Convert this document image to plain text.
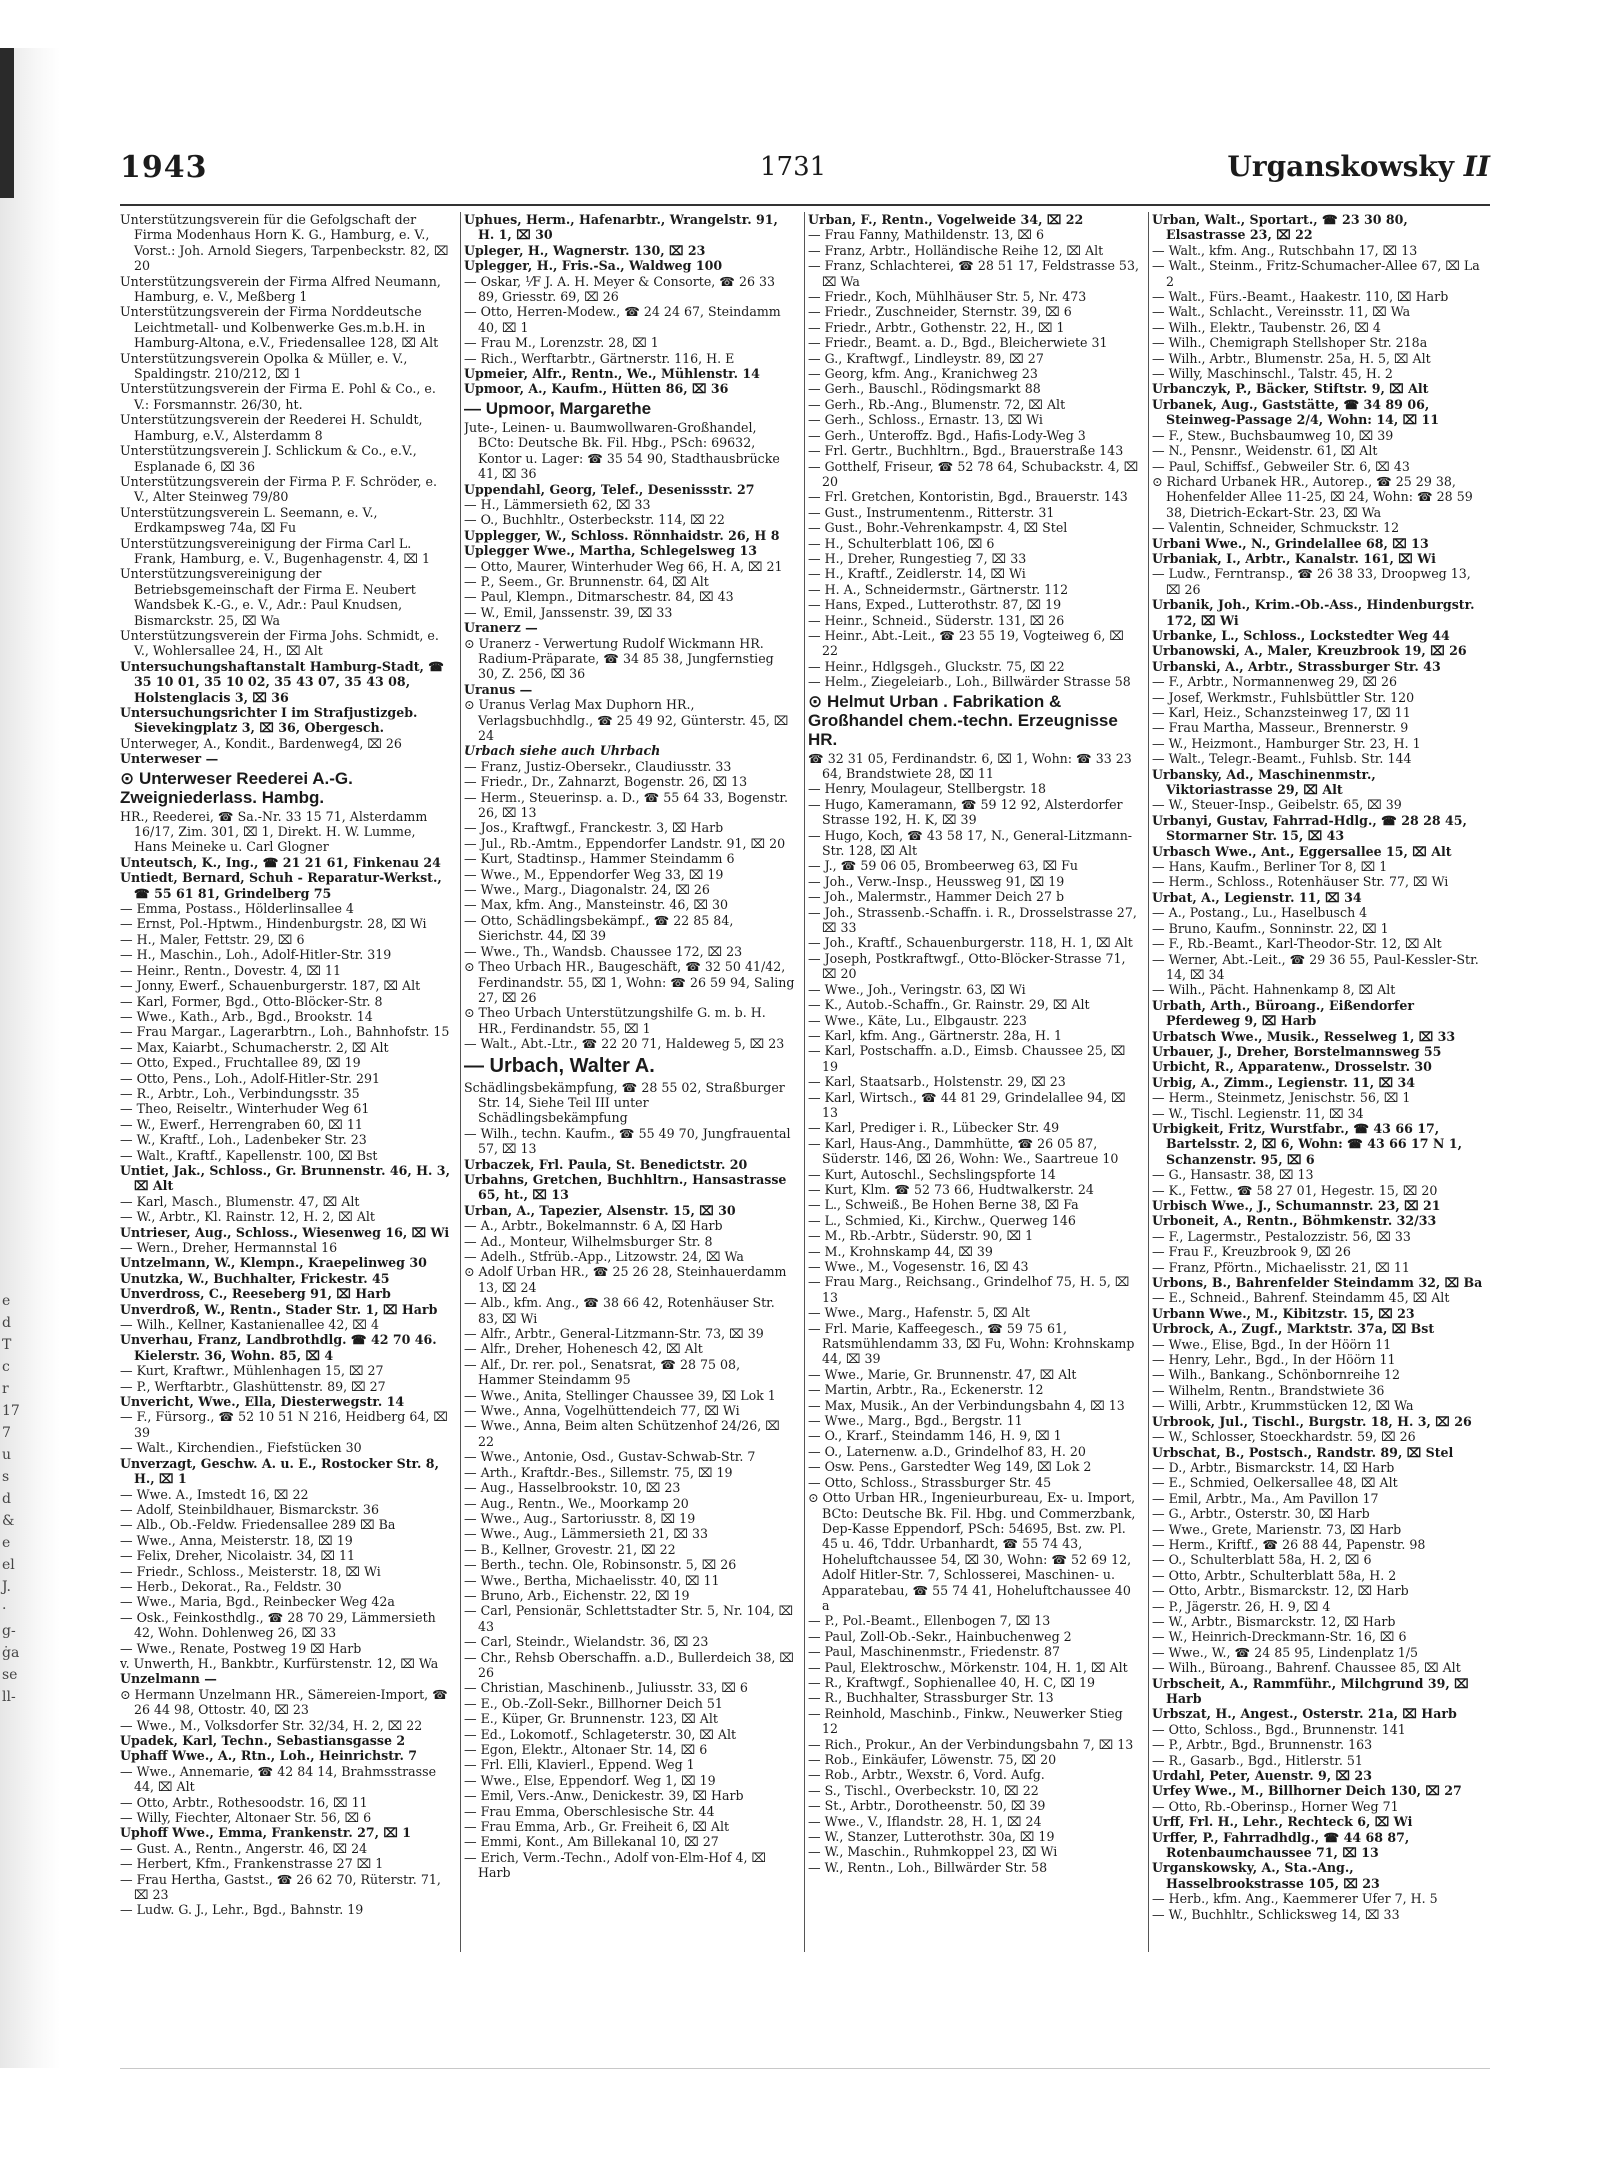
e
d
T
c
r
17
7
u
s
d
&
e
el
J.
·
g-
ġa
se
ll-
1943	1731	Urganskowsky II

Unterstützungsverein für die Gefolgschaft der Firma Modenhaus Horn K. G., Hamburg, e. V., Vorst.: Joh. Arnold Siegers, Tarpenbeckstr. 82, ⌧ 20

Unterstützungsverein der Firma Alfred Neumann, Hamburg, e. V., Meßberg 1

Unterstützungsverein der Firma Norddeutsche Leichtmetall- und Kolbenwerke Ges.m.b.H. in Hamburg-Altona, e.V., Friedensallee 128, ⌧ Alt

Unterstützungsverein Opolka & Müller, e. V., Spaldingstr. 210/212, ⌧ 1

Unterstützungsverein der Firma E. Pohl & Co., e. V.: Forsmannstr. 26/30, ht.

Unterstützungsverein der Reederei H. Schuldt, Hamburg, e.V., Alsterdamm 8

Unterstützungsverein J. Schlickum & Co., e.V., Esplanade 6, ⌧ 36

Unterstützungsverein der Firma P. F. Schröder, e. V., Alter Steinweg 79/80

Unterstützungsverein L. Seemann, e. V., Erdkampsweg 74a, ⌧ Fu

Unterstützungsvereinigung der Firma Carl L. Frank, Hamburg, e. V., Bugenhagenstr. 4, ⌧ 1

Unterstützungsvereinigung der Betriebsgemeinschaft der Firma E. Neubert Wandsbek K.-G., e. V., Adr.: Paul Knudsen, Bismarckstr. 25, ⌧ Wa

Unterstützungsverein der Firma Johs. Schmidt, e. V., Wohlersallee 24, H., ⌧ Alt

Untersuchungshaftanstalt Hamburg-Stadt, ☎ 35 10 01, 35 10 02, 35 43 07, 35 43 08, Holstenglacis 3, ⌧ 36

Untersuchungsrichter I im Strafjustizgeb. Sievekingplatz 3, ⌧ 36, Obergesch.

Unterweger, A., Kondit., Bardenweg4, ⌧ 26

Unterweser —

⊙ Unterweser Reederei A.-G. Zweigniederlass. Hambg.

HR., Reederei, ☎ Sa.-Nr. 33 15 71, Alsterdamm 16/17, Zim. 301, ⌧ 1, Direkt. H. W. Lumme, Hans Meineke u. Carl Glogner

Unteutsch, K., Ing., ☎ 21 21 61, Finkenau 24

Untiedt, Bernard, Schuh - Reparatur-Werkst., ☎ 55 61 81, Grindelberg 75

— Emma, Postass., Hölderlinsallee 4

— Ernst, Pol.-Hptwm., Hindenburgstr. 28, ⌧ Wi

— H., Maler, Fettstr. 29, ⌧ 6

— H., Maschin., Loh., Adolf-Hitler-Str. 319

— Heinr., Rentn., Dovestr. 4, ⌧ 11

— Jonny, Ewerf., Schauenburgerstr. 187, ⌧ Alt

— Karl, Former, Bgd., Otto-Blöcker-Str. 8

— Wwe., Kath., Arb., Bgd., Brookstr. 14

— Frau Margar., Lagerarbtrn., Loh., Bahnhofstr. 15

— Max, Kaiarbt., Schumacherstr. 2, ⌧ Alt

— Otto, Exped., Fruchtallee 89, ⌧ 19

— Otto, Pens., Loh., Adolf-Hitler-Str. 291

— R., Arbtr., Loh., Verbindungsstr. 35

— Theo, Reiseltr., Winterhuder Weg 61

— W., Ewerf., Herrengraben 60, ⌧ 11

— W., Kraftf., Loh., Ladenbeker Str. 23

— Walt., Kraftf., Kapellenstr. 100, ⌧ Bst

Untiet, Jak., Schloss., Gr. Brunnenstr. 46, H. 3, ⌧ Alt

— Karl, Masch., Blumenstr. 47, ⌧ Alt

— W., Arbtr., Kl. Rainstr. 12, H. 2, ⌧ Alt

Untrieser, Aug., Schloss., Wiesenweg 16, ⌧ Wi

— Wern., Dreher, Hermannstal 16

Untzelmann, W., Klempn., Kraepelinweg 30

Unutzka, W., Buchhalter, Frickestr. 45

Unverdross, C., Reeseberg 91, ⌧ Harb

Unverdroß, W., Rentn., Stader Str. 1, ⌧ Harb

— Wilh., Kellner, Kastanienallee 42, ⌧ 4

Unverhau, Franz, Landbrothdlg. ☎ 42 70 46. Kielerstr. 36, Wohn. 85, ⌧ 4

— Kurt, Kraftwr., Mühlenhagen 15, ⌧ 27

— P., Werftarbtr., Glashüttenstr. 89, ⌧ 27

Unvericht, Wwe., Ella, Diesterwegstr. 14

— F., Fürsorg., ☎ 52 10 51 N 216, Heidberg 64, ⌧ 39

— Walt., Kirchendien., Fiefstücken 30

Unverzagt, Geschw. A. u. E., Rostocker Str. 8, H., ⌧ 1

— Wwe. A., Imstedt 16, ⌧ 22

— Adolf, Steinbildhauer, Bismarckstr. 36

— Alb., Ob.-Feldw. Friedensallee 289 ⌧ Ba

— Wwe., Anna, Meisterstr. 18, ⌧ 19

— Felix, Dreher, Nicolaistr. 34, ⌧ 11

— Friedr., Schloss., Meisterstr. 18, ⌧ Wi

— Herb., Dekorat., Ra., Feldstr. 30

— Wwe., Maria, Bgd., Reinbecker Weg 42a

— Osk., Feinkosthdlg., ☎ 28 70 29, Lämmersieth 42, Wohn. Dohlenweg 26, ⌧ 33

— Wwe., Renate, Postweg 19 ⌧ Harb

v. Unwerth, H., Bankbtr., Kurfürstenstr. 12, ⌧ Wa

Unzelmann —

⊙ Hermann Unzelmann HR., Sämereien-Import, ☎ 26 44 98, Ottostr. 40, ⌧ 23

— Wwe., M., Volksdorfer Str. 32/34, H. 2, ⌧ 22

Upadek, Karl, Techn., Sebastiansgasse 2

Uphaff Wwe., A., Rtn., Loh., Heinrichstr. 7

— Wwe., Annemarie, ☎ 42 84 14, Brahmsstrasse 44, ⌧ Alt

— Otto, Arbtr., Rothesoodstr. 16, ⌧ 11

— Willy, Fiechter, Altonaer Str. 56, ⌧ 6

Uphoff Wwe., Emma, Frankenstr. 27, ⌧ 1

— Gust. A., Rentn., Angerstr. 46, ⌧ 24

— Herbert, Kfm., Frankenstrasse 27 ⌧ 1

— Frau Hertha, Gastst., ☎ 26 62 70, Rüterstr. 71, ⌧ 23

— Ludw. G. J., Lehr., Bgd., Bahnstr. 19

Uphues, Herm., Hafenarbtr., Wrangelstr. 91, H. 1, ⌧ 30

Upleger, H., Wagnerstr. 130, ⌧ 23

Uplegger, H., Fris.-Sa., Waldweg 100

— Oskar, ⅟F J. A. H. Meyer & Consorte, ☎ 26 33 89, Griesstr. 69, ⌧ 26

— Otto, Herren-Modew., ☎ 24 24 67, Steindamm 40, ⌧ 1

— Frau M., Lorenzstr. 28, ⌧ 1

— Rich., Werftarbtr., Gärtnerstr. 116, H. E

Upmeier, Alfr., Rentn., We., Mühlenstr. 14

Upmoor, A., Kaufm., Hütten 86, ⌧ 36

— Upmoor, Margarethe

Jute-, Leinen- u. Baumwollwaren-Großhandel, BCto: Deutsche Bk. Fil. Hbg., PSch: 69632, Kontor u. Lager: ☎ 35 54 90, Stadthausbrücke 41, ⌧ 36

Uppendahl, Georg, Telef., Desenissstr. 27

— H., Lämmersieth 62, ⌧ 33

— O., Buchhltr., Osterbeckstr. 114, ⌧ 22

Upplegger, W., Schloss. Rönnhaidstr. 26, H 8

Uplegger Wwe., Martha, Schlegelsweg 13

— Otto, Maurer, Winterhuder Weg 66, H. A, ⌧ 21

— P., Seem., Gr. Brunnenstr. 64, ⌧ Alt

— Paul, Klempn., Ditmarschestr. 84, ⌧ 43

— W., Emil, Janssenstr. 39, ⌧ 33

Uranerz —

⊙ Uranerz - Verwertung Rudolf Wickmann HR. Radium-Präparate, ☎ 34 85 38, Jungfernstieg 30, Z. 256, ⌧ 36

Uranus —

⊙ Uranus Verlag Max Duphorn HR., Verlagsbuchhdlg., ☎ 25 49 92, Günterstr. 45, ⌧ 24

Urbach siehe auch Uhrbach

— Franz, Justiz-Obersekr., Claudiusstr. 33

— Friedr., Dr., Zahnarzt, Bogenstr. 26, ⌧ 13

— Herm., Steuerinsp. a. D., ☎ 55 64 33, Bogenstr. 26, ⌧ 13

— Jos., Kraftwgf., Franckestr. 3, ⌧ Harb

— Jul., Rb.-Amtm., Eppendorfer Landstr. 91, ⌧ 20

— Kurt, Stadtinsp., Hammer Steindamm 6

— Wwe., M., Eppendorfer Weg 33, ⌧ 19

— Wwe., Marg., Diagonalstr. 24, ⌧ 26

— Max, kfm. Ang., Mansteinstr. 46, ⌧ 30

— Otto, Schädlingsbekämpf., ☎ 22 85 84, Sierichstr. 44, ⌧ 39

— Wwe., Th., Wandsb. Chaussee 172, ⌧ 23

⊙ Theo Urbach HR., Baugeschäft, ☎ 32 50 41/42, Ferdinandstr. 55, ⌧ 1, Wohn: ☎ 26 59 94, Saling 27, ⌧ 26

⊙ Theo Urbach Unterstützungshilfe G. m. b. H. HR., Ferdinandstr. 55, ⌧ 1

— Walt., Abt.-Ltr., ☎ 22 20 71, Haldeweg 5, ⌧ 23

— Urbach, Walter A.

Schädlingsbekämpfung, ☎ 28 55 02, Straßburger Str. 14, Siehe Teil III unter Schädlingsbekämpfung

— Wilh., techn. Kaufm., ☎ 55 49 70, Jungfrauental 57, ⌧ 13

Urbaczek, Frl. Paula, St. Benedictstr. 20

Urbahns, Gretchen, Buchhltrn., Hansastrasse 65, ht., ⌧ 13

Urban, A., Tapezier, Alsenstr. 15, ⌧ 30

— A., Arbtr., Bokelmannstr. 6 A, ⌧ Harb

— Ad., Monteur, Wilhelmsburger Str. 8

— Adelh., Stfrüb.-App., Litzowstr. 24, ⌧ Wa

⊙ Adolf Urban HR., ☎ 25 26 28, Steinhauerdamm 13, ⌧ 24

— Alb., kfm. Ang., ☎ 38 66 42, Rotenhäuser Str. 83, ⌧ Wi

— Alfr., Arbtr., General-Litzmann-Str. 73, ⌧ 39

— Alfr., Dreher, Hohenesch 42, ⌧ Alt

— Alf., Dr. rer. pol., Senatsrat, ☎ 28 75 08, Hammer Steindamm 95

— Wwe., Anita, Stellinger Chaussee 39, ⌧ Lok 1

— Wwe., Anna, Vogelhüttendeich 77, ⌧ Wi

— Wwe., Anna, Beim alten Schützenhof 24/26, ⌧ 22

— Wwe., Antonie, Osd., Gustav-Schwab-Str. 7

— Arth., Kraftdr.-Bes., Sillemstr. 75, ⌧ 19

— Aug., Hasselbrookstr. 10, ⌧ 23

— Aug., Rentn., We., Moorkamp 20

— Wwe., Aug., Sartoriusstr. 8, ⌧ 19

— Wwe., Aug., Lämmersieth 21, ⌧ 33

— B., Kellner, Grovestr. 21, ⌧ 22

— Berth., techn. Ole, Robinsonstr. 5, ⌧ 26

— Wwe., Bertha, Michaelisstr. 40, ⌧ 11

— Bruno, Arb., Eichenstr. 22, ⌧ 19

— Carl, Pensionär, Schlettstadter Str. 5, Nr. 104, ⌧ 43

— Carl, Steindr., Wielandstr. 36, ⌧ 23

— Chr., Rehsb Oberschaffn. a.D., Bullerdeich 38, ⌧ 26

— Christian, Maschinenb., Juliusstr. 33, ⌧ 6

— E., Ob.-Zoll-Sekr., Billhorner Deich 51

— E., Küper, Gr. Brunnenstr. 123, ⌧ Alt

— Ed., Lokomotf., Schlageterstr. 30, ⌧ Alt

— Egon, Elektr., Altonaer Str. 14, ⌧ 6

— Frl. Elli, Klavierl., Eppend. Weg 1

— Wwe., Else, Eppendorf. Weg 1, ⌧ 19

— Emil, Vers.-Anw., Denickestr. 39, ⌧ Harb

— Frau Emma, Oberschlesische Str. 44

— Frau Emma, Arb., Gr. Freiheit 6, ⌧ Alt

— Emmi, Kont., Am Billekanal 10, ⌧ 27

— Erich, Verm.-Techn., Adolf von-Elm-Hof 4, ⌧ Harb

Urban, F., Rentn., Vogelweide 34, ⌧ 22

— Frau Fanny, Mathildenstr. 13, ⌧ 6

— Franz, Arbtr., Holländische Reihe 12, ⌧ Alt

— Franz, Schlachterei, ☎ 28 51 17, Feldstrasse 53, ⌧ Wa

— Friedr., Koch, Mühlhäuser Str. 5, Nr. 473

— Friedr., Zuschneider, Sternstr. 39, ⌧ 6

— Friedr., Arbtr., Gothenstr. 22, H., ⌧ 1

— Friedr., Beamt. a. D., Bgd., Bleicherwiete 31

— G., Kraftwgf., Lindleystr. 89, ⌧ 27

— Georg, kfm. Ang., Kranichweg 23

— Gerh., Bauschl., Rödingsmarkt 88

— Gerh., Rb.-Ang., Blumenstr. 72, ⌧ Alt

— Gerh., Schloss., Ernastr. 13, ⌧ Wi

— Gerh., Unteroffz. Bgd., Hafis-Lody-Weg 3

— Frl. Gertr., Buchhltrn., Bgd., Brauerstraße 143

— Gotthelf, Friseur, ☎ 52 78 64, Schubackstr. 4, ⌧ 20

— Frl. Gretchen, Kontoristin, Bgd., Brauerstr. 143

— Gust., Instrumentenm., Ritterstr. 31

— Gust., Bohr.-Vehrenkampstr. 4, ⌧ Stel

— H., Schulterblatt 106, ⌧ 6

— H., Dreher, Rungestieg 7, ⌧ 33

— H., Kraftf., Zeidlerstr. 14, ⌧ Wi

— H. A., Schneidermstr., Gärtnerstr. 112

— Hans, Exped., Lutterothstr. 87, ⌧ 19

— Heinr., Schneid., Süderstr. 131, ⌧ 26

— Heinr., Abt.-Leit., ☎ 23 55 19, Vogteiweg 6, ⌧ 22

— Heinr., Hdlgsgeh., Gluckstr. 75, ⌧ 22

— Helm., Ziegeleiarb., Loh., Billwärder Strasse 58

⊙ Helmut Urban . Fabrikation & Großhandel chem.-techn. Erzeugnisse HR.

☎ 32 31 05, Ferdinandstr. 6, ⌧ 1, Wohn: ☎ 33 23 64, Brandstwiete 28, ⌧ 11

— Henry, Moulageur, Stellbergstr. 18

— Hugo, Kameramann, ☎ 59 12 92, Alsterdorfer Strasse 192, H. K, ⌧ 39

— Hugo, Koch, ☎ 43 58 17, N., General-Litzmann-Str. 128, ⌧ Alt

— J., ☎ 59 06 05, Brombeerweg 63, ⌧ Fu

— Joh., Verw.-Insp., Heussweg 91, ⌧ 19

— Joh., Malermstr., Hammer Deich 27 b

— Joh., Strassenb.-Schaffn. i. R., Drosselstrasse 27, ⌧ 33

— Joh., Kraftf., Schauenburgerstr. 118, H. 1, ⌧ Alt

— Joseph, Postkraftwgf., Otto-Blöcker-Strasse 71, ⌧ 20

— Wwe., Joh., Veringstr. 63, ⌧ Wi

— K., Autob.-Schaffn., Gr. Rainstr. 29, ⌧ Alt

— Wwe., Käte, Lu., Elbgaustr. 223

— Karl, kfm. Ang., Gärtnerstr. 28a, H. 1

— Karl, Postschaffn. a.D., Eimsb. Chaussee 25, ⌧ 19

— Karl, Staatsarb., Holstenstr. 29, ⌧ 23

— Karl, Wirtsch., ☎ 44 81 29, Grindelallee 94, ⌧ 13

— Karl, Prediger i. R., Lübecker Str. 49

— Karl, Haus-Ang., Dammhütte, ☎ 26 05 87, Süderstr. 146, ⌧ 26, Wohn: We., Saartreue 10

— Kurt, Autoschl., Sechslingspforte 14

— Kurt, Klm. ☎ 52 73 66, Hudtwalkerstr. 24

— L., Schweiß., Be Hohen Berne 38, ⌧ Fa

— L., Schmied, Ki., Kirchw., Querweg 146

— M., Rb.-Arbtr., Süderstr. 90, ⌧ 1

— M., Krohnskamp 44, ⌧ 39

— Wwe., M., Vogesenstr. 16, ⌧ 43

— Frau Marg., Reichsang., Grindelhof 75, H. 5, ⌧ 13

— Wwe., Marg., Hafenstr. 5, ⌧ Alt

— Frl. Marie, Kaffeegesch., ☎ 59 75 61, Ratsmühlendamm 33, ⌧ Fu, Wohn: Krohnskamp 44, ⌧ 39

— Wwe., Marie, Gr. Brunnenstr. 47, ⌧ Alt

— Martin, Arbtr., Ra., Eckenerstr. 12

— Max, Musik., An der Verbindungsbahn 4, ⌧ 13

— Wwe., Marg., Bgd., Bergstr. 11

— O., Krarf., Steindamm 146, H. 9, ⌧ 1

— O., Laternenw. a.D., Grindelhof 83, H. 20

— Osw. Pens., Garstedter Weg 149, ⌧ Lok 2

— Otto, Schloss., Strassburger Str. 45

⊙ Otto Urban HR., Ingenieurbureau, Ex- u. Import, BCto: Deutsche Bk. Fil. Hbg. und Commerzbank, Dep-Kasse Eppendorf, PSch: 54695, Bst. zw. Pl. 45 u. 46, Tddr. Urbanhardt, ☎ 55 74 43, Hoheluftchaussee 54, ⌧ 30, Wohn: ☎ 52 69 12, Adolf Hitler-Str. 7, Schlosserei, Maschinen- u. Apparatebau, ☎ 55 74 41, Hoheluftchaussee 40 a

— P., Pol.-Beamt., Ellenbogen 7, ⌧ 13

— Paul, Zoll-Ob.-Sekr., Hainbuchenweg 2

— Paul, Maschinenmstr., Friedenstr. 87

— Paul, Elektroschw., Mörkenstr. 104, H. 1, ⌧ Alt

— R., Kraftwgf., Sophienallee 40, H. C, ⌧ 19

— R., Buchhalter, Strassburger Str. 13

— Reinhold, Maschinb., Finkw., Neuwerker Stieg 12

— Rich., Prokur., An der Verbindungsbahn 7, ⌧ 13

— Rob., Einkäufer, Löwenstr. 75, ⌧ 20

— Rob., Arbtr., Wexstr. 6, Vord. Aufg.

— S., Tischl., Overbeckstr. 10, ⌧ 22

— St., Arbtr., Dorotheenstr. 50, ⌧ 39

— Wwe., V., Iflandstr. 28, H. 1, ⌧ 24

— W., Stanzer, Lutterothstr. 30a, ⌧ 19

— W., Maschin., Ruhmkoppel 23, ⌧ Wi

— W., Rentn., Loh., Billwärder Str. 58

Urban, Walt., Sportart., ☎ 23 30 80, Elsastrasse 23, ⌧ 22

— Walt., kfm. Ang., Rutschbahn 17, ⌧ 13

— Walt., Steinm., Fritz-Schumacher-Allee 67, ⌧ La 2

— Walt., Fürs.-Beamt., Haakestr. 110, ⌧ Harb

— Walt., Schlacht., Vereinsstr. 11, ⌧ Wa

— Wilh., Elektr., Taubenstr. 26, ⌧ 4

— Wilh., Chemigraph Stellshoper Str. 218a

— Wilh., Arbtr., Blumenstr. 25a, H. 5, ⌧ Alt

— Willy, Maschinschl., Talstr. 45, H. 2

Urbanczyk, P., Bäcker, Stiftstr. 9, ⌧ Alt

Urbanek, Aug., Gaststätte, ☎ 34 89 06, Steinweg-Passage 2/4, Wohn: 14, ⌧ 11

— F., Stew., Buchsbaumweg 10, ⌧ 39

— N., Pensnr., Weidenstr. 61, ⌧ Alt

— Paul, Schiffsf., Gebweiler Str. 6, ⌧ 43

⊙ Richard Urbanek HR., Autorep., ☎ 25 29 38, Hohenfelder Allee 11-25, ⌧ 24, Wohn: ☎ 28 59 38, Dietrich-Eckart-Str. 23, ⌧ Wa

— Valentin, Schneider, Schmuckstr. 12

Urbani Wwe., N., Grindelallee 68, ⌧ 13

Urbaniak, I., Arbtr., Kanalstr. 161, ⌧ Wi

— Ludw., Ferntransp., ☎ 26 38 33, Droopweg 13, ⌧ 26

Urbanik, Joh., Krim.-Ob.-Ass., Hindenburgstr. 172, ⌧ Wi

Urbanke, L., Schloss., Lockstedter Weg 44

Urbanowski, A., Maler, Kreuzbrook 19, ⌧ 26

Urbanski, A., Arbtr., Strassburger Str. 43

— F., Arbtr., Normannenweg 29, ⌧ 26

— Josef, Werkmstr., Fuhlsbüttler Str. 120

— Karl, Heiz., Schanzsteinweg 17, ⌧ 11

— Frau Martha, Masseur., Brennerstr. 9

— W., Heizmont., Hamburger Str. 23, H. 1

— Walt., Telegr.-Beamt., Fuhlsb. Str. 144

Urbansky, Ad., Maschinenmstr., Viktoriastrasse 29, ⌧ Alt

— W., Steuer-Insp., Geibelstr. 65, ⌧ 39

Urbanyi, Gustav, Fahrrad-Hdlg., ☎ 28 28 45, Stormarner Str. 15, ⌧ 43

Urbasch Wwe., Ant., Eggersallee 15, ⌧ Alt

— Hans, Kaufm., Berliner Tor 8, ⌧ 1

— Herm., Schloss., Rotenhäuser Str. 77, ⌧ Wi

Urbat, A., Legienstr. 11, ⌧ 34

— A., Postang., Lu., Haselbusch 4

— Bruno, Kaufm., Sonninstr. 22, ⌧ 1

— F., Rb.-Beamt., Karl-Theodor-Str. 12, ⌧ Alt

— Werner, Abt.-Leit., ☎ 29 36 55, Paul-Kessler-Str. 14, ⌧ 34

— Wilh., Pächt. Hahnenkamp 8, ⌧ Alt

Urbath, Arth., Büroang., Eißendorfer Pferdeweg 9, ⌧ Harb

Urbatsch Wwe., Musik., Resselweg 1, ⌧ 33

Urbauer, J., Dreher, Borstelmannsweg 55

Urbicht, R., Apparatenw., Drosselstr. 30

Urbig, A., Zimm., Legienstr. 11, ⌧ 34

— Herm., Steinmetz, Jenischstr. 56, ⌧ 1

— W., Tischl. Legienstr. 11, ⌧ 34

Urbigkeit, Fritz, Wurstfabr., ☎ 43 66 17, Bartelsstr. 2, ⌧ 6, Wohn: ☎ 43 66 17 N 1, Schanzenstr. 95, ⌧ 6

— G., Hansastr. 38, ⌧ 13

— K., Fettw., ☎ 58 27 01, Hegestr. 15, ⌧ 20

Urbisch Wwe., J., Schumannstr. 23, ⌧ 21

Urboneit, A., Rentn., Böhmkenstr. 32/33

— F., Lagermstr., Pestalozzistr. 56, ⌧ 33

— Frau F., Kreuzbrook 9, ⌧ 26

— Franz, Pförtn., Michaelisstr. 21, ⌧ 11

Urbons, B., Bahrenfelder Steindamm 32, ⌧ Ba

— E., Schneid., Bahrenf. Steindamm 45, ⌧ Alt

Urbann Wwe., M., Kibitzstr. 15, ⌧ 23

Urbrock, A., Zugf., Marktstr. 37a, ⌧ Bst

— Wwe., Elise, Bgd., In der Höörn 11

— Henry, Lehr., Bgd., In der Höörn 11

— Wilh., Bankang., Schönbornreihe 12

— Wilhelm, Rentn., Brandstwiete 36

— Willi, Arbtr., Krummstücken 12, ⌧ Wa

Urbrook, Jul., Tischl., Burgstr. 18, H. 3, ⌧ 26

— W., Schlosser, Stoeckhardstr. 59, ⌧ 26

Urbschat, B., Postsch., Randstr. 89, ⌧ Stel

— D., Arbtr., Bismarckstr. 14, ⌧ Harb

— E., Schmied, Oelkersallee 48, ⌧ Alt

— Emil, Arbtr., Ma., Am Pavillon 17

— G., Arbtr., Osterstr. 30, ⌧ Harb

— Wwe., Grete, Marienstr. 73, ⌧ Harb

— Herm., Kriftf., ☎ 26 88 44, Papenstr. 98

— O., Schulterblatt 58a, H. 2, ⌧ 6

— Otto, Arbtr., Schulterblatt 58a, H. 2

— Otto, Arbtr., Bismarckstr. 12, ⌧ Harb

— P., Jägerstr. 26, H. 9, ⌧ 4

— W., Arbtr., Bismarckstr. 12, ⌧ Harb

— W., Heinrich-Dreckmann-Str. 16, ⌧ 6

— Wwe., W., ☎ 24 85 95, Lindenplatz 1/5

— Wilh., Büroang., Bahrenf. Chaussee 85, ⌧ Alt

Urbscheit, A., Rammführ., Milchgrund 39, ⌧ Harb

Urbszat, H., Angest., Osterstr. 21a, ⌧ Harb

— Otto, Schloss., Bgd., Brunnenstr. 141

— P., Arbtr., Bgd., Brunnenstr. 163

— R., Gasarb., Bgd., Hitlerstr. 51

Urdahl, Peter, Auenstr. 9, ⌧ 23

Urfey Wwe., M., Billhorner Deich 130, ⌧ 27

— Otto, Rb.-Oberinsp., Horner Weg 71

Urff, Frl. H., Lehr., Rechteck 6, ⌧ Wi

Urffer, P., Fahrradhdlg., ☎ 44 68 87, Rotenbaumchaussee 71, ⌧ 13

Urganskowsky, A., Sta.-Ang., Hasselbrookstrasse 105, ⌧ 23

— Herb., kfm. Ang., Kaemmerer Ufer 7, H. 5

— W., Buchhltr., Schlicksweg 14, ⌧ 33
